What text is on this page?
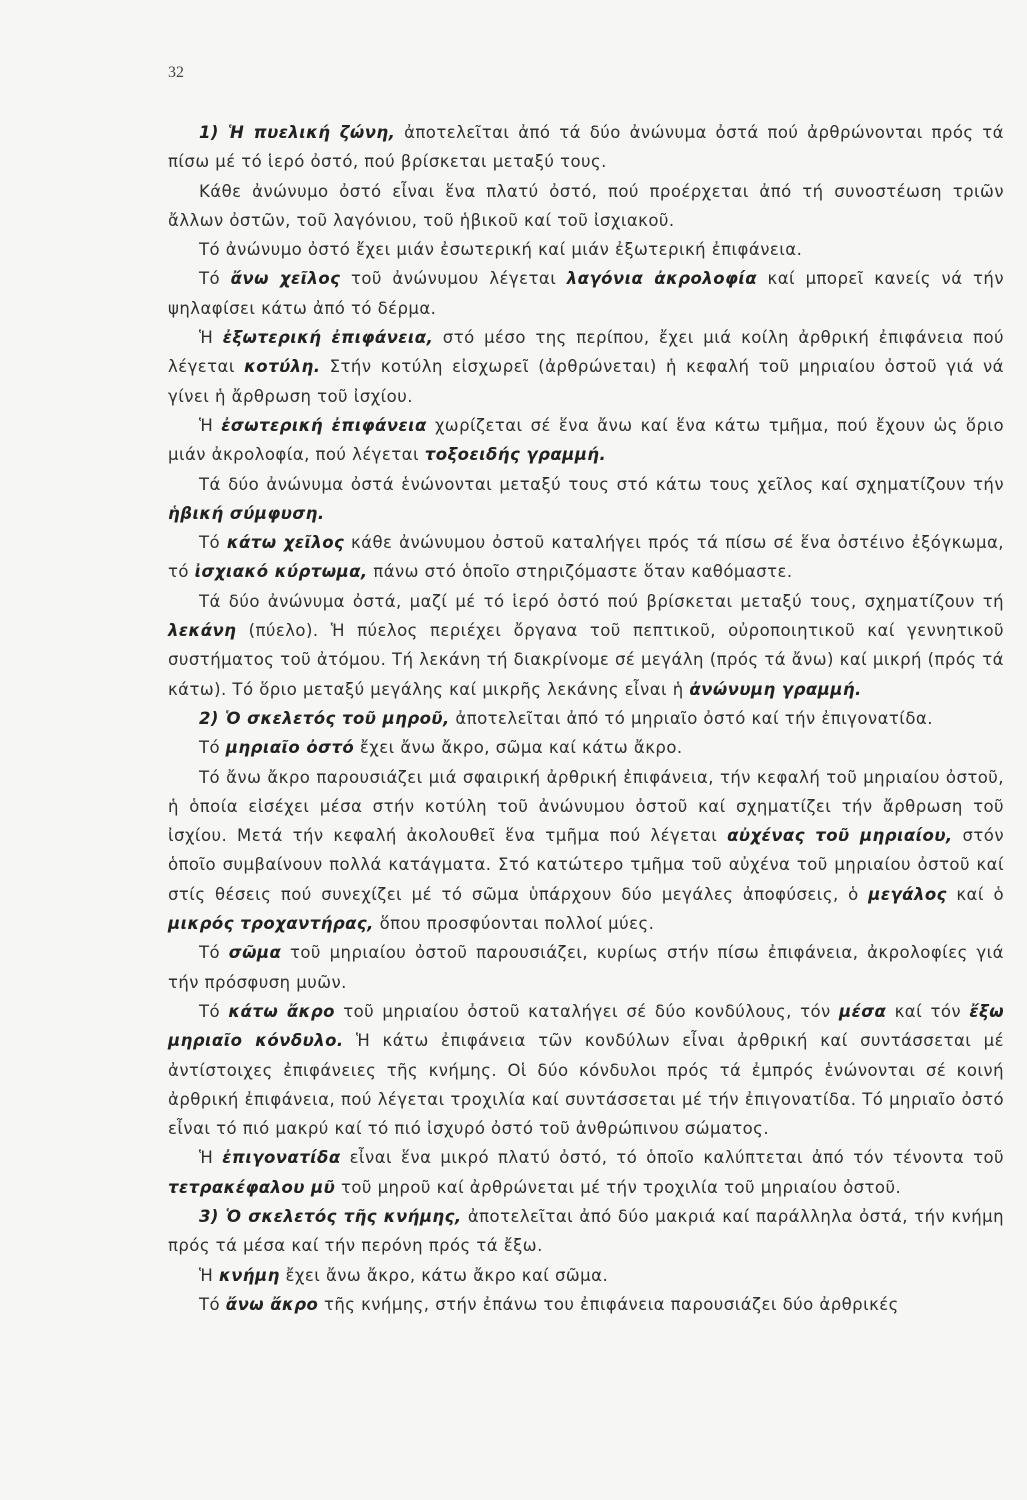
32

1) Ἡ πυελική ζώνη, ἀποτελεῖται ἀπό τά δύο ἀνώνυμα ὀστά πού ἀρθρώνονται πρός τά πίσω μέ τό ἱερό ὀστό, πού βρίσκεται μεταξύ τους.

Κάθε ἀνώνυμο ὀστό εἶναι ἕνα πλατύ ὀστό, πού προέρχεται ἀπό τή συνοστέωση τριῶν ἄλλων ὀστῶν, τοῦ λαγόνιου, τοῦ ἡβικοῦ καί τοῦ ἰσχιακοῦ.

Τό ἀνώνυμο ὀστό ἔχει μιάν ἐσωτερική καί μιάν ἐξωτερική ἐπιφάνεια.

Τό ἄνω χεῖλος τοῦ ἀνώνυμου λέγεται λαγόνια ἀκρολοφία καί μπορεῖ κανείς νά τήν ψηλαφίσει κάτω ἀπό τό δέρμα.

Ἡ ἐξωτερική ἐπιφάνεια, στό μέσο της περίπου, ἔχει μιά κοίλη ἀρθρική ἐπιφάνεια πού λέγεται κοτύλη. Στήν κοτύλη εἰσχωρεῖ (ἀρθρώνεται) ἡ κεφαλή τοῦ μηριαίου ὀστοῦ γιά νά γίνει ἡ ἄρθρωση τοῦ ἰσχίου.

Ἡ ἐσωτερική ἐπιφάνεια χωρίζεται σέ ἕνα ἄνω καί ἕνα κάτω τμῆμα, πού ἔχουν ὡς ὅριο μιάν ἀκρολοφία, πού λέγεται τοξοειδής γραμμή.

Τά δύο ἀνώνυμα ὀστά ἑνώνονται μεταξύ τους στό κάτω τους χεῖλος καί σχηματίζουν τήν ἡβική σύμφυση.

Τό κάτω χεῖλος κάθε ἀνώνυμου ὀστοῦ καταλήγει πρός τά πίσω σέ ἕνα ὀστέινο ἐξόγκωμα, τό ἰσχιακό κύρτωμα, πάνω στό ὁποῖο στηριζόμαστε ὅταν καθόμαστε.

Τά δύο ἀνώνυμα ὀστά, μαζί μέ τό ἱερό ὀστό πού βρίσκεται μεταξύ τους, σχηματίζουν τή λεκάνη (πύελο). Ἡ πύελος περιέχει ὄργανα τοῦ πεπτικοῦ, οὐροποιητικοῦ καί γεννητικοῦ συστήματος τοῦ ἀτόμου. Τή λεκάνη τή διακρίνομε σέ μεγάλη (πρός τά ἄνω) καί μικρή (πρός τά κάτω). Τό ὅριο μεταξύ μεγάλης καί μικρῆς λεκάνης εἶναι ἡ ἀνώνυμη γραμμή.

2) Ὁ σκελετός τοῦ μηροῦ, ἀποτελεῖται ἀπό τό μηριαῖο ὀστό καί τήν ἐπιγονατίδα.

Τό μηριαῖο ὀστό ἔχει ἄνω ἄκρο, σῶμα καί κάτω ἄκρο.

Τό ἄνω ἄκρο παρουσιάζει μιά σφαιρική ἀρθρική ἐπιφάνεια, τήν κεφαλή τοῦ μηριαίου ὀστοῦ, ἡ ὁποία εἰσέχει μέσα στήν κοτύλη τοῦ ἀνώνυμου ὀστοῦ καί σχηματίζει τήν ἄρθρωση τοῦ ἰσχίου. Μετά τήν κεφαλή ἀκολουθεῖ ἕνα τμῆμα πού λέγεται αὐχένας τοῦ μηριαίου, στόν ὁποῖο συμβαίνουν πολλά κατάγματα. Στό κατώτερο τμῆμα τοῦ αὐχένα τοῦ μηριαίου ὀστοῦ καί στίς θέσεις πού συνεχίζει μέ τό σῶμα ὑπάρχουν δύο μεγάλες ἀποφύσεις, ὁ μεγάλος καί ὁ μικρός τροχαντήρας, ὅπου προσφύονται πολλοί μύες.

Τό σῶμα τοῦ μηριαίου ὀστοῦ παρουσιάζει, κυρίως στήν πίσω ἐπιφάνεια, ἀκρολοφίες γιά τήν πρόσφυση μυῶν.

Τό κάτω ἄκρο τοῦ μηριαίου ὀστοῦ καταλήγει σέ δύο κονδύλους, τόν μέσα καί τόν ἔξω μηριαῖο κόνδυλο. Ἡ κάτω ἐπιφάνεια τῶν κονδύλων εἶναι ἀρθρική καί συντάσσεται μέ ἀντίστοιχες ἐπιφάνειες τῆς κνήμης. Οἱ δύο κόνδυλοι πρός τά ἐμπρός ἑνώνονται σέ κοινή ἀρθρική ἐπιφάνεια, πού λέγεται τροχιλία καί συντάσσεται μέ τήν ἐπιγονατίδα. Τό μηριαῖο ὀστό εἶναι τό πιό μακρύ καί τό πιό ἰσχυρό ὀστό τοῦ ἀνθρώπινου σώματος.

Ἡ ἐπιγονατίδα εἶναι ἕνα μικρό πλατύ ὀστό, τό ὁποῖο καλύπτεται ἀπό τόν τένοντα τοῦ τετρακέφαλου μῦ τοῦ μηροῦ καί ἀρθρώνεται μέ τήν τροχιλία τοῦ μηριαίου ὀστοῦ.

3) Ὁ σκελετός τῆς κνήμης, ἀποτελεῖται ἀπό δύο μακριά καί παράλληλα ὀστά, τήν κνήμη πρός τά μέσα καί τήν περόνη πρός τά ἔξω.

Ἡ κνήμη ἔχει ἄνω ἄκρο, κάτω ἄκρο καί σῶμα.

Τό ἄνω ἄκρο τῆς κνήμης, στήν ἐπάνω του ἐπιφάνεια παρουσιάζει δύο ἀρθρικές
